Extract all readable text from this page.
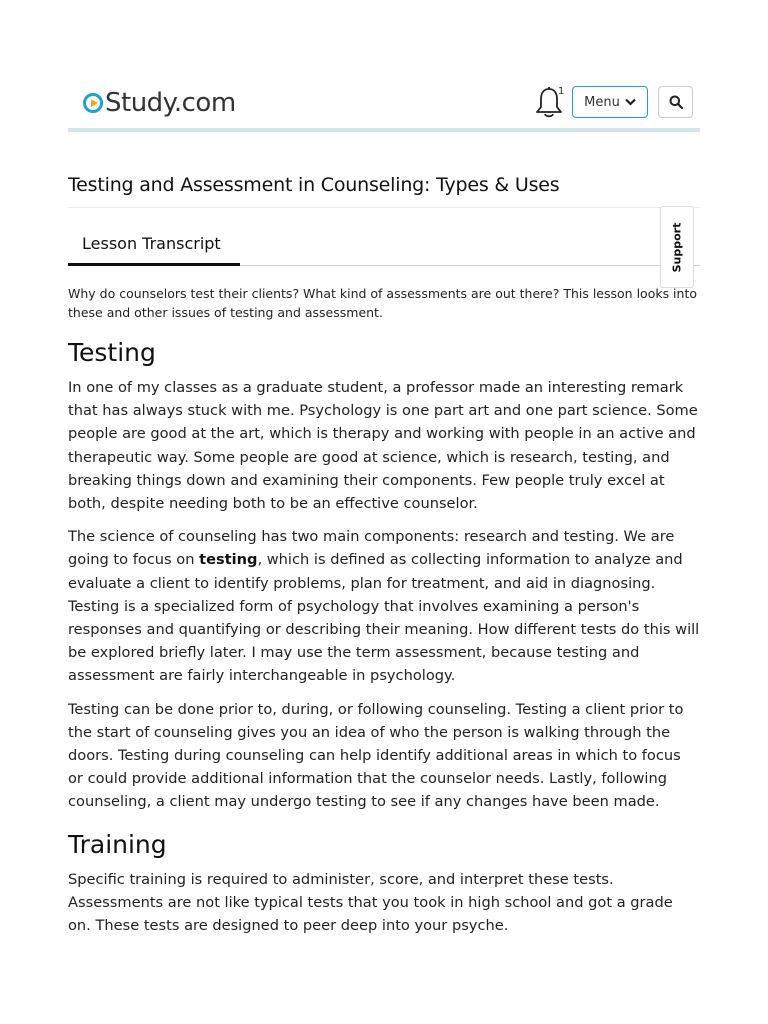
Study.com	1
Menu
Testing and Assessment in Counseling: Types & Uses
Lesson Transcript	Support
Why do counselors test their clients? What kind of assessments are out there? This lesson looks into these and other issues of testing and assessment.
Testing

In one of my classes as a graduate student, a professor made an interesting remark that has always stuck with me. Psychology is one part art and one part science. Some people are good at the art, which is therapy and working with people in an active and therapeutic way. Some people are good at science, which is research, testing, and breaking things down and examining their components. Few people truly excel at both, despite needing both to be an effective counselor.

The science of counseling has two main components: research and testing. We are going to focus on testing, which is defined as collecting information to analyze and evaluate a client to identify problems, plan for treatment, and aid in diagnosing. Testing is a specialized form of psychology that involves examining a person's responses and quantifying or describing their meaning. How different tests do this will be explored briefly later. I may use the term assessment, because testing and assessment are fairly interchangeable in psychology.

Testing can be done prior to, during, or following counseling. Testing a client prior to the start of counseling gives you an idea of who the person is walking through the doors. Testing during counseling can help identify additional areas in which to focus or could provide additional information that the counselor needs. Lastly, following counseling, a client may undergo testing to see if any changes have been made.

Training

Specific training is required to administer, score, and interpret these tests. Assessments are not like typical tests that you took in high school and got a grade on. These tests are designed to peer deep into your psyche.
